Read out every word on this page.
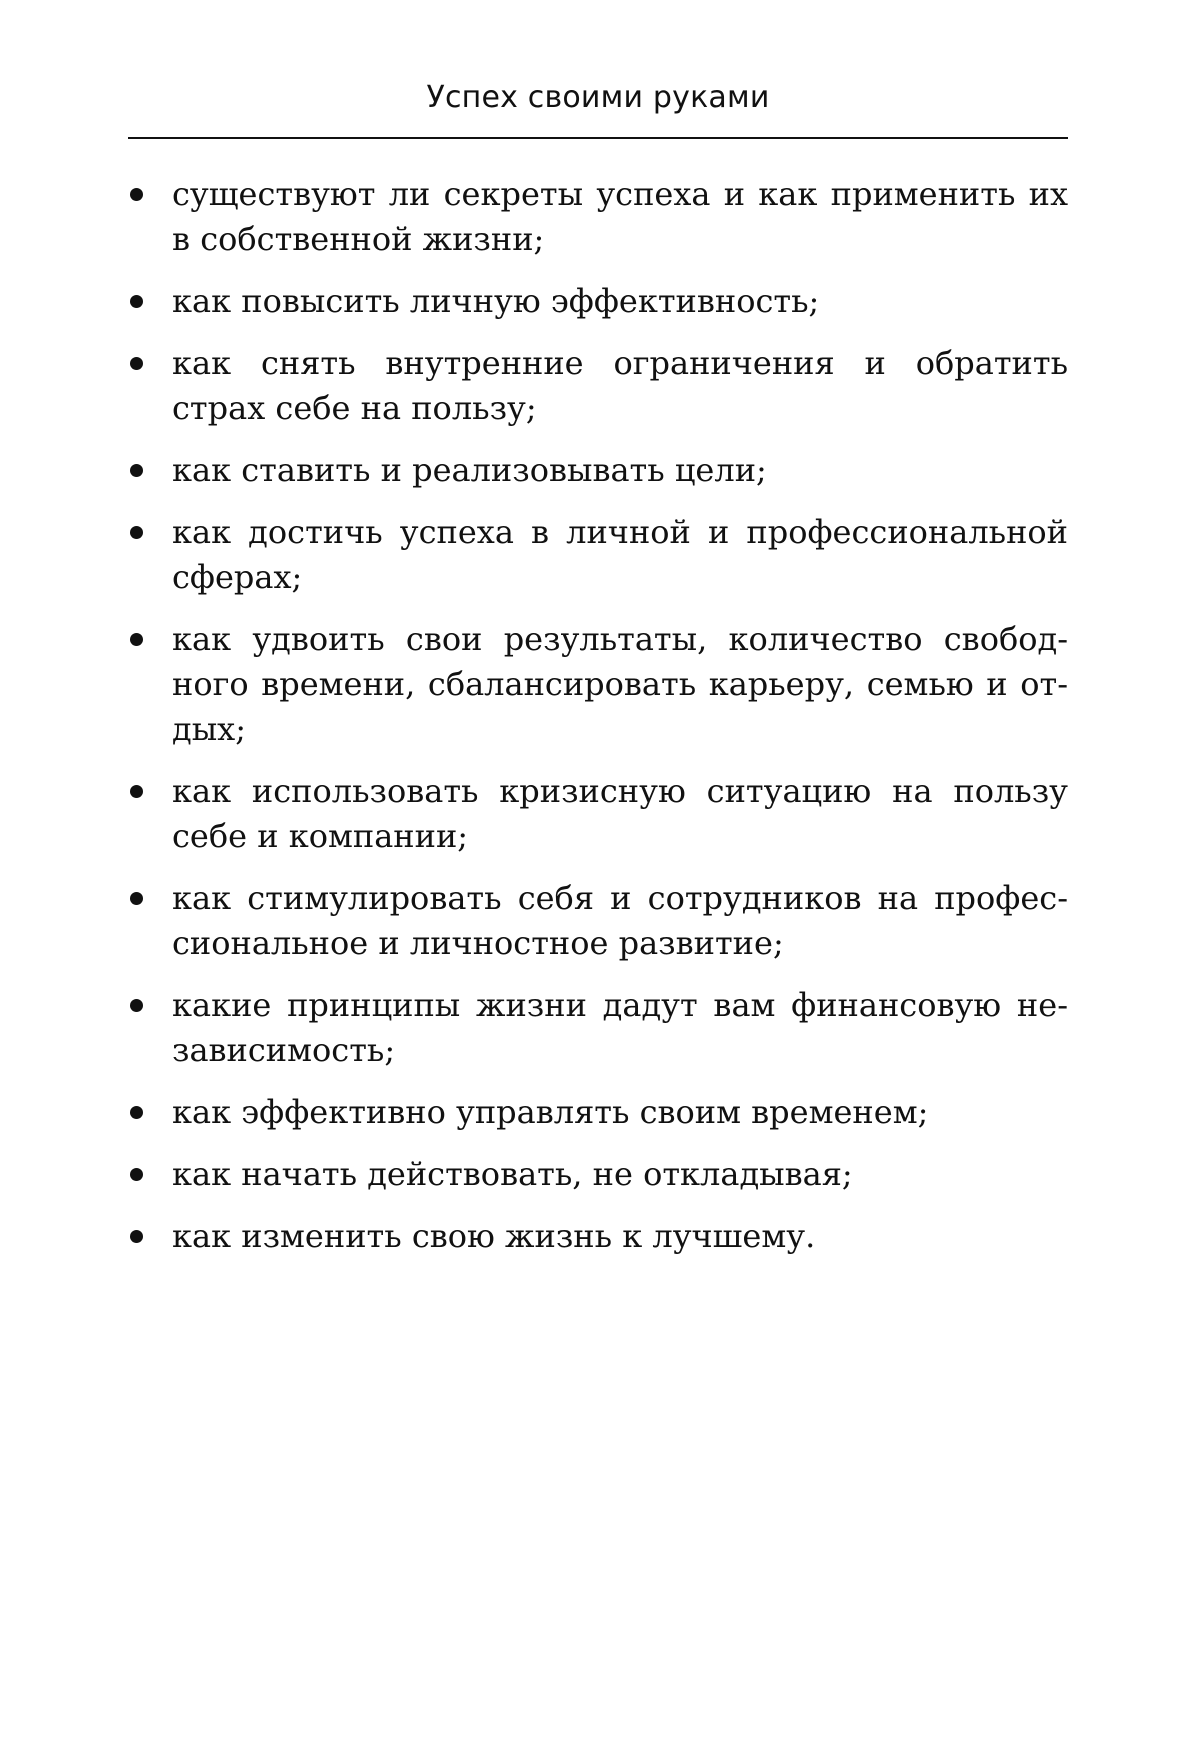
Успех своими руками
существуют ли секреты успеха и как применить их в собственной жизни;
как повысить личную эффективность;
как снять внутренние ограничения и обратить страх себе на пользу;
как ставить и реализовывать цели;
как достичь успеха в личной и профессиональной сферах;
как удвоить свои результаты, количество свободного времени, сбалансировать карьеру, семью и отдых;
как использовать кризисную ситуацию на пользу себе и компании;
как стимулировать себя и сотрудников на профессиональное и личностное развитие;
какие принципы жизни дадут вам финансовую независимость;
как эффективно управлять своим временем;
как начать действовать, не откладывая;
как изменить свою жизнь к лучшему.
